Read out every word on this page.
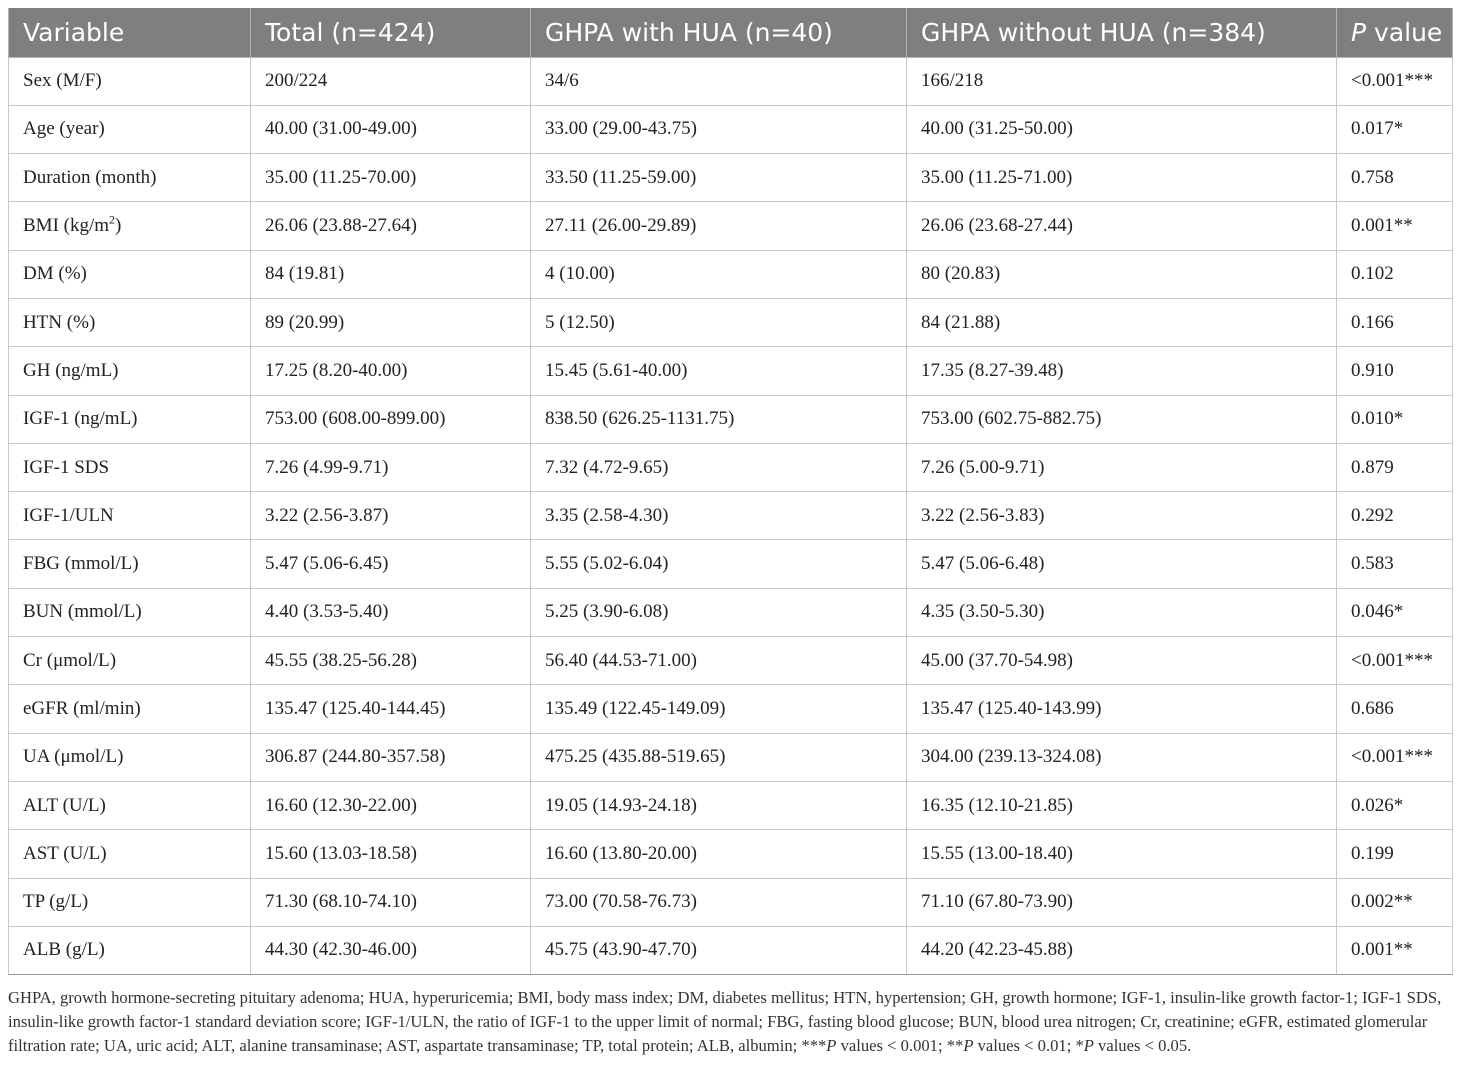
Variable	Total (n=424)	GHPA with HUA (n=40)	GHPA without HUA (n=384)	P value
Sex (M/F)	200/224	34/6	166/218	<0.001***
Age (year)	40.00 (31.00-49.00)	33.00 (29.00-43.75)	40.00 (31.25-50.00)	0.017*
Duration (month)	35.00 (11.25-70.00)	33.50 (11.25-59.00)	35.00 (11.25-71.00)	0.758
BMI $(kg/m^2)$	26.06 (23.88-27.64)	27.11 (26.00-29.89)	26.06 (23.68-27.44)	0.001**
DM (%)	84 (19.81)	4 (10.00)	80 (20.83)	0.102
HTN (%)	89 (20.99)	5 (12.50)	84 (21.88)	0.166
GH (ng/mL)	17.25 (8.20-40.00)	15.45 (5.61-40.00)	17.35 (8.27-39.48)	0.910
IGF-1 (ng/mL)	753.00 (608.00-899.00)	838.50 (626.25-1131.75)	753.00 (602.75-882.75)	0.010*
IGF-1 SDS	7.26 (4.99-9.71)	7.32 (4.72-9.65)	7.26 (5.00-9.71)	0.879
IGF-1/ULN	3.22 (2.56-3.87)	3.35 (2.58-4.30)	3.22 (2.56-3.83)	0.292
FBG (mmol/L)	5.47 (5.06-6.45)	5.55 (5.02-6.04)	5.47 (5.06-6.48)	0.583
BUN (mmol/L)	4.40 (3.53-5.40)	5.25 (3.90-6.08)	4.35 (3.50-5.30)	0.046*
Cr (μmol/L)	45.55 (38.25-56.28)	56.40 (44.53-71.00)	45.00 (37.70-54.98)	<0.001***
eGFR (ml/min)	135.47 (125.40-144.45)	135.49 (122.45-149.09)	135.47 (125.40-143.99)	0.686
UA (μmol/L)	306.87 (244.80-357.58)	475.25 (435.88-519.65)	304.00 (239.13-324.08)	<0.001***
ALT (U/L)	16.60 (12.30-22.00)	19.05 (14.93-24.18)	16.35 (12.10-21.85)	0.026*
AST (U/L)	15.60 (13.03-18.58)	16.60 (13.80-20.00)	15.55 (13.00-18.40)	0.199
TP (g/L)	71.30 (68.10-74.10)	73.00 (70.58-76.73)	71.10 (67.80-73.90)	0.002**
ALB (g/L)	44.30 (42.30-46.00)	45.75 (43.90-47.70)	44.20 (42.23-45.88)	0.001**

GHPA, growth hormone-secreting pituitary adenoma; HUA, hyperuricemia; BMI, body mass index; DM, diabetes mellitus; HTN, hypertension; GH, growth hormone; IGF-1, insulin-like growth factor-1; IGF-1 SDS, insulin-like growth factor-1 standard deviation score; IGF-1/ULN, the ratio of IGF-1 to the upper limit of normal; FBG, fasting blood glucose; BUN, blood urea nitrogen; Cr, creatinine; eGFR, estimated glomerular filtration rate; UA, uric acid; ALT, alanine transaminase; AST, aspartate transaminase; TP, total protein; ALB, albumin; ***P values < 0.001; **P values < 0.01; *P values < 0.05.
